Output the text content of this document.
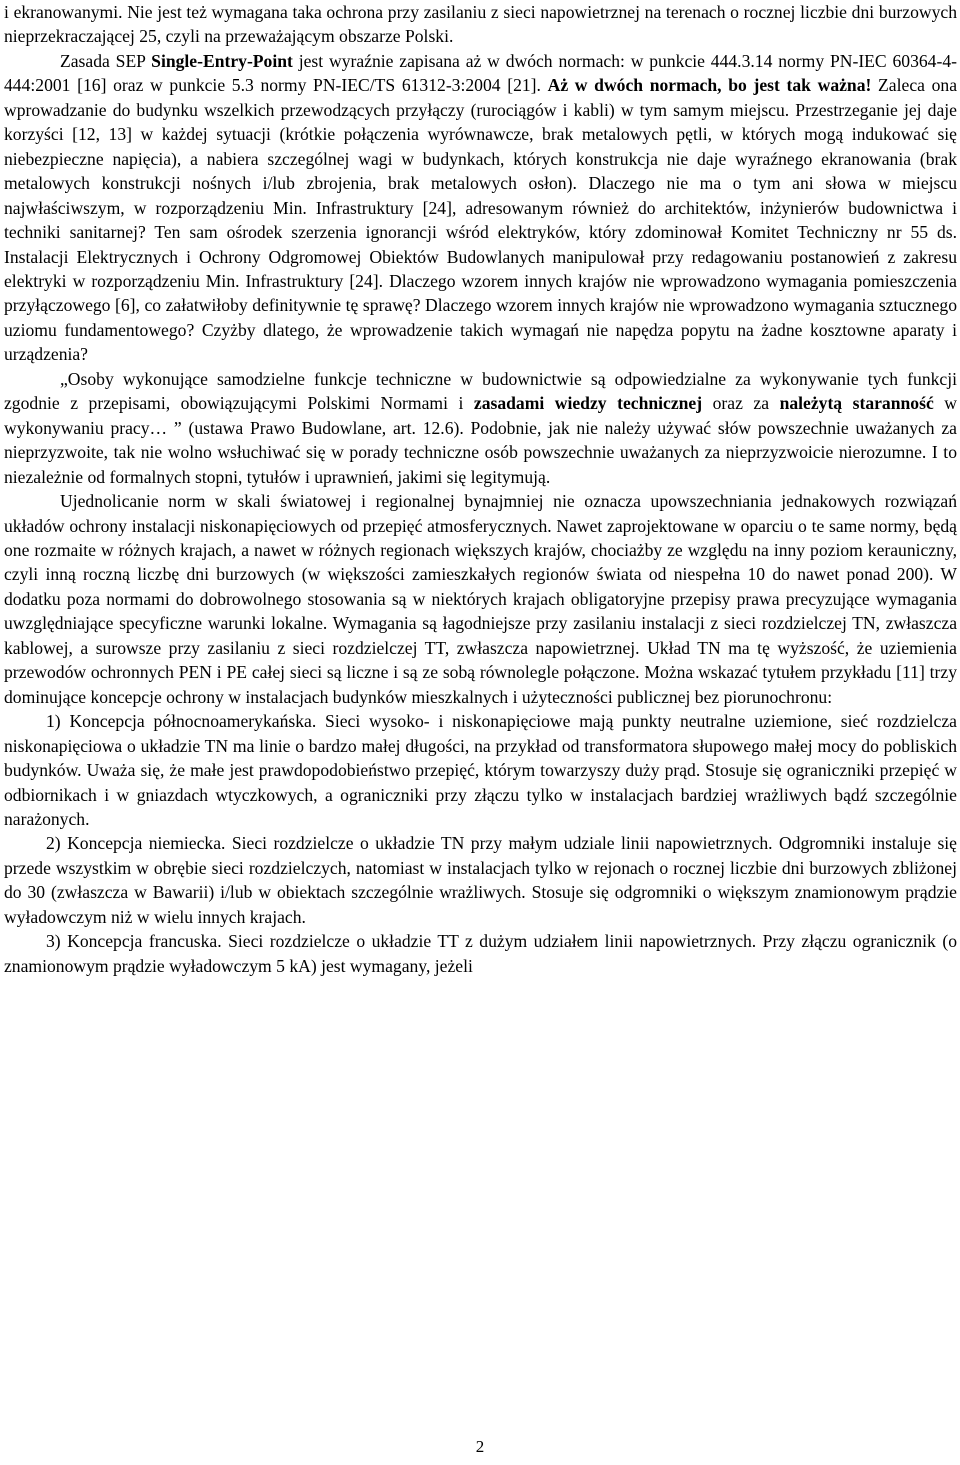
i ekranowanymi. Nie jest też wymagana taka ochrona przy zasilaniu z sieci napowietrznej na terenach o rocznej liczbie dni burzowych nieprzekraczającej 25, czyli na przeważającym obszarze Polski.

Zasada SEP Single-Entry-Point jest wyraźnie zapisana aż w dwóch normach: w punkcie 444.3.14 normy PN-IEC 60364-4-444:2001 [16] oraz w punkcie 5.3 normy PN-IEC/TS 61312-3:2004 [21]. Aż w dwóch normach, bo jest tak ważna! Zaleca ona wprowadzanie do budynku wszelkich przewodzących przyłączy (rurociągów i kabli) w tym samym miejscu. Przestrzeganie jej daje korzyści [12, 13] w każdej sytuacji (krótkie połączenia wyrównawcze, brak metalowych pętli, w których mogą indukować się niebezpieczne napięcia), a nabiera szczególnej wagi w budynkach, których konstrukcja nie daje wyraźnego ekranowania (brak metalowych konstrukcji nośnych i/lub zbrojenia, brak metalowych osłon). Dlaczego nie ma o tym ani słowa w miejscu najwłaściwszym, w rozporządzeniu Min. Infrastruktury [24], adresowanym również do architektów, inżynierów budownictwa i techniki sanitarnej? Ten sam ośrodek szerzenia ignorancji wśród elektryków, który zdominował Komitet Techniczny nr 55 ds. Instalacji Elektrycznych i Ochrony Odgromowej Obiektów Budowlanych manipulował przy redagowaniu postanowień z zakresu elektryki w rozporządzeniu Min. Infrastruktury [24]. Dlaczego wzorem innych krajów nie wprowadzono wymagania pomieszczenia przyłączowego [6], co załatwiłoby definitywnie tę sprawę? Dlaczego wzorem innych krajów nie wprowadzono wymagania sztucznego uziomu fundamentowego? Czyżby dlatego, że wprowadzenie takich wymagań nie napędza popytu na żadne kosztowne aparaty i urządzenia?

„Osoby wykonujące samodzielne funkcje techniczne w budownictwie są odpowiedzialne za wykonywanie tych funkcji zgodnie z przepisami, obowiązującymi Polskimi Normami i zasadami wiedzy technicznej oraz za należytą staranność w wykonywaniu pracy… ” (ustawa Prawo Budowlane, art. 12.6). Podobnie, jak nie należy używać słów powszechnie uważanych za nieprzyzwoite, tak nie wolno wsłuchiwać się w porady techniczne osób powszechnie uważanych za nieprzyzwoicie nierozumne. I to niezależnie od formalnych stopni, tytułów i uprawnień, jakimi się legitymują.

Ujednolicanie norm w skali światowej i regionalnej bynajmniej nie oznacza upowszechniania jednakowych rozwiązań układów ochrony instalacji niskonapięciowych od przepięć atmosferycznych. Nawet zaprojektowane w oparciu o te same normy, będą one rozmaite w różnych krajach, a nawet w różnych regionach większych krajów, chociażby ze względu na inny poziom kerauniczny, czyli inną roczną liczbę dni burzowych (w większości zamieszkałych regionów świata od niespełna 10 do nawet ponad 200). W dodatku poza normami do dobrowolnego stosowania są w niektórych krajach obligatoryjne przepisy prawa precyzujące wymagania uwzględniające specyficzne warunki lokalne. Wymagania są łagodniejsze przy zasilaniu instalacji z sieci rozdzielczej TN, zwłaszcza kablowej, a surowsze przy zasilaniu z sieci rozdzielczej TT, zwłaszcza napowietrznej. Układ TN ma tę wyższość, że uziemienia przewodów ochronnych PEN i PE całej sieci są liczne i są ze sobą równolegle połączone. Można wskazać tytułem przykładu [11] trzy dominujące koncepcje ochrony w instalacjach budynków mieszkalnych i użyteczności publicznej bez piorunochronu:

1) Koncepcja północnoamerykańska. Sieci wysoko- i niskonapięciowe mają punkty neutralne uziemione, sieć rozdzielcza niskonapięciowa o układzie TN ma linie o bardzo małej długości, na przykład od transformatora słupowego małej mocy do pobliskich budynków. Uważa się, że małe jest prawdopodobieństwo przepięć, którym towarzyszy duży prąd. Stosuje się ograniczniki przepięć w odbiornikach i w gniazdach wtyczkowych, a ograniczniki przy złączu tylko w instalacjach bardziej wrażliwych bądź szczególnie narażonych.

2) Koncepcja niemiecka. Sieci rozdzielcze o układzie TN przy małym udziale linii napowietrznych. Odgromniki instaluje się przede wszystkim w obrębie sieci rozdzielczych, natomiast w instalacjach tylko w rejonach o rocznej liczbie dni burzowych zbliżonej do 30 (zwłaszcza w Bawarii) i/lub w obiektach szczególnie wrażliwych. Stosuje się odgromniki o większym znamionowym prądzie wyładowczym niż w wielu innych krajach.

3) Koncepcja francuska. Sieci rozdzielcze o układzie TT z dużym udziałem linii napowietrznych. Przy złączu ogranicznik (o znamionowym prądzie wyładowczym 5 kA) jest wymagany, jeżeli

2
